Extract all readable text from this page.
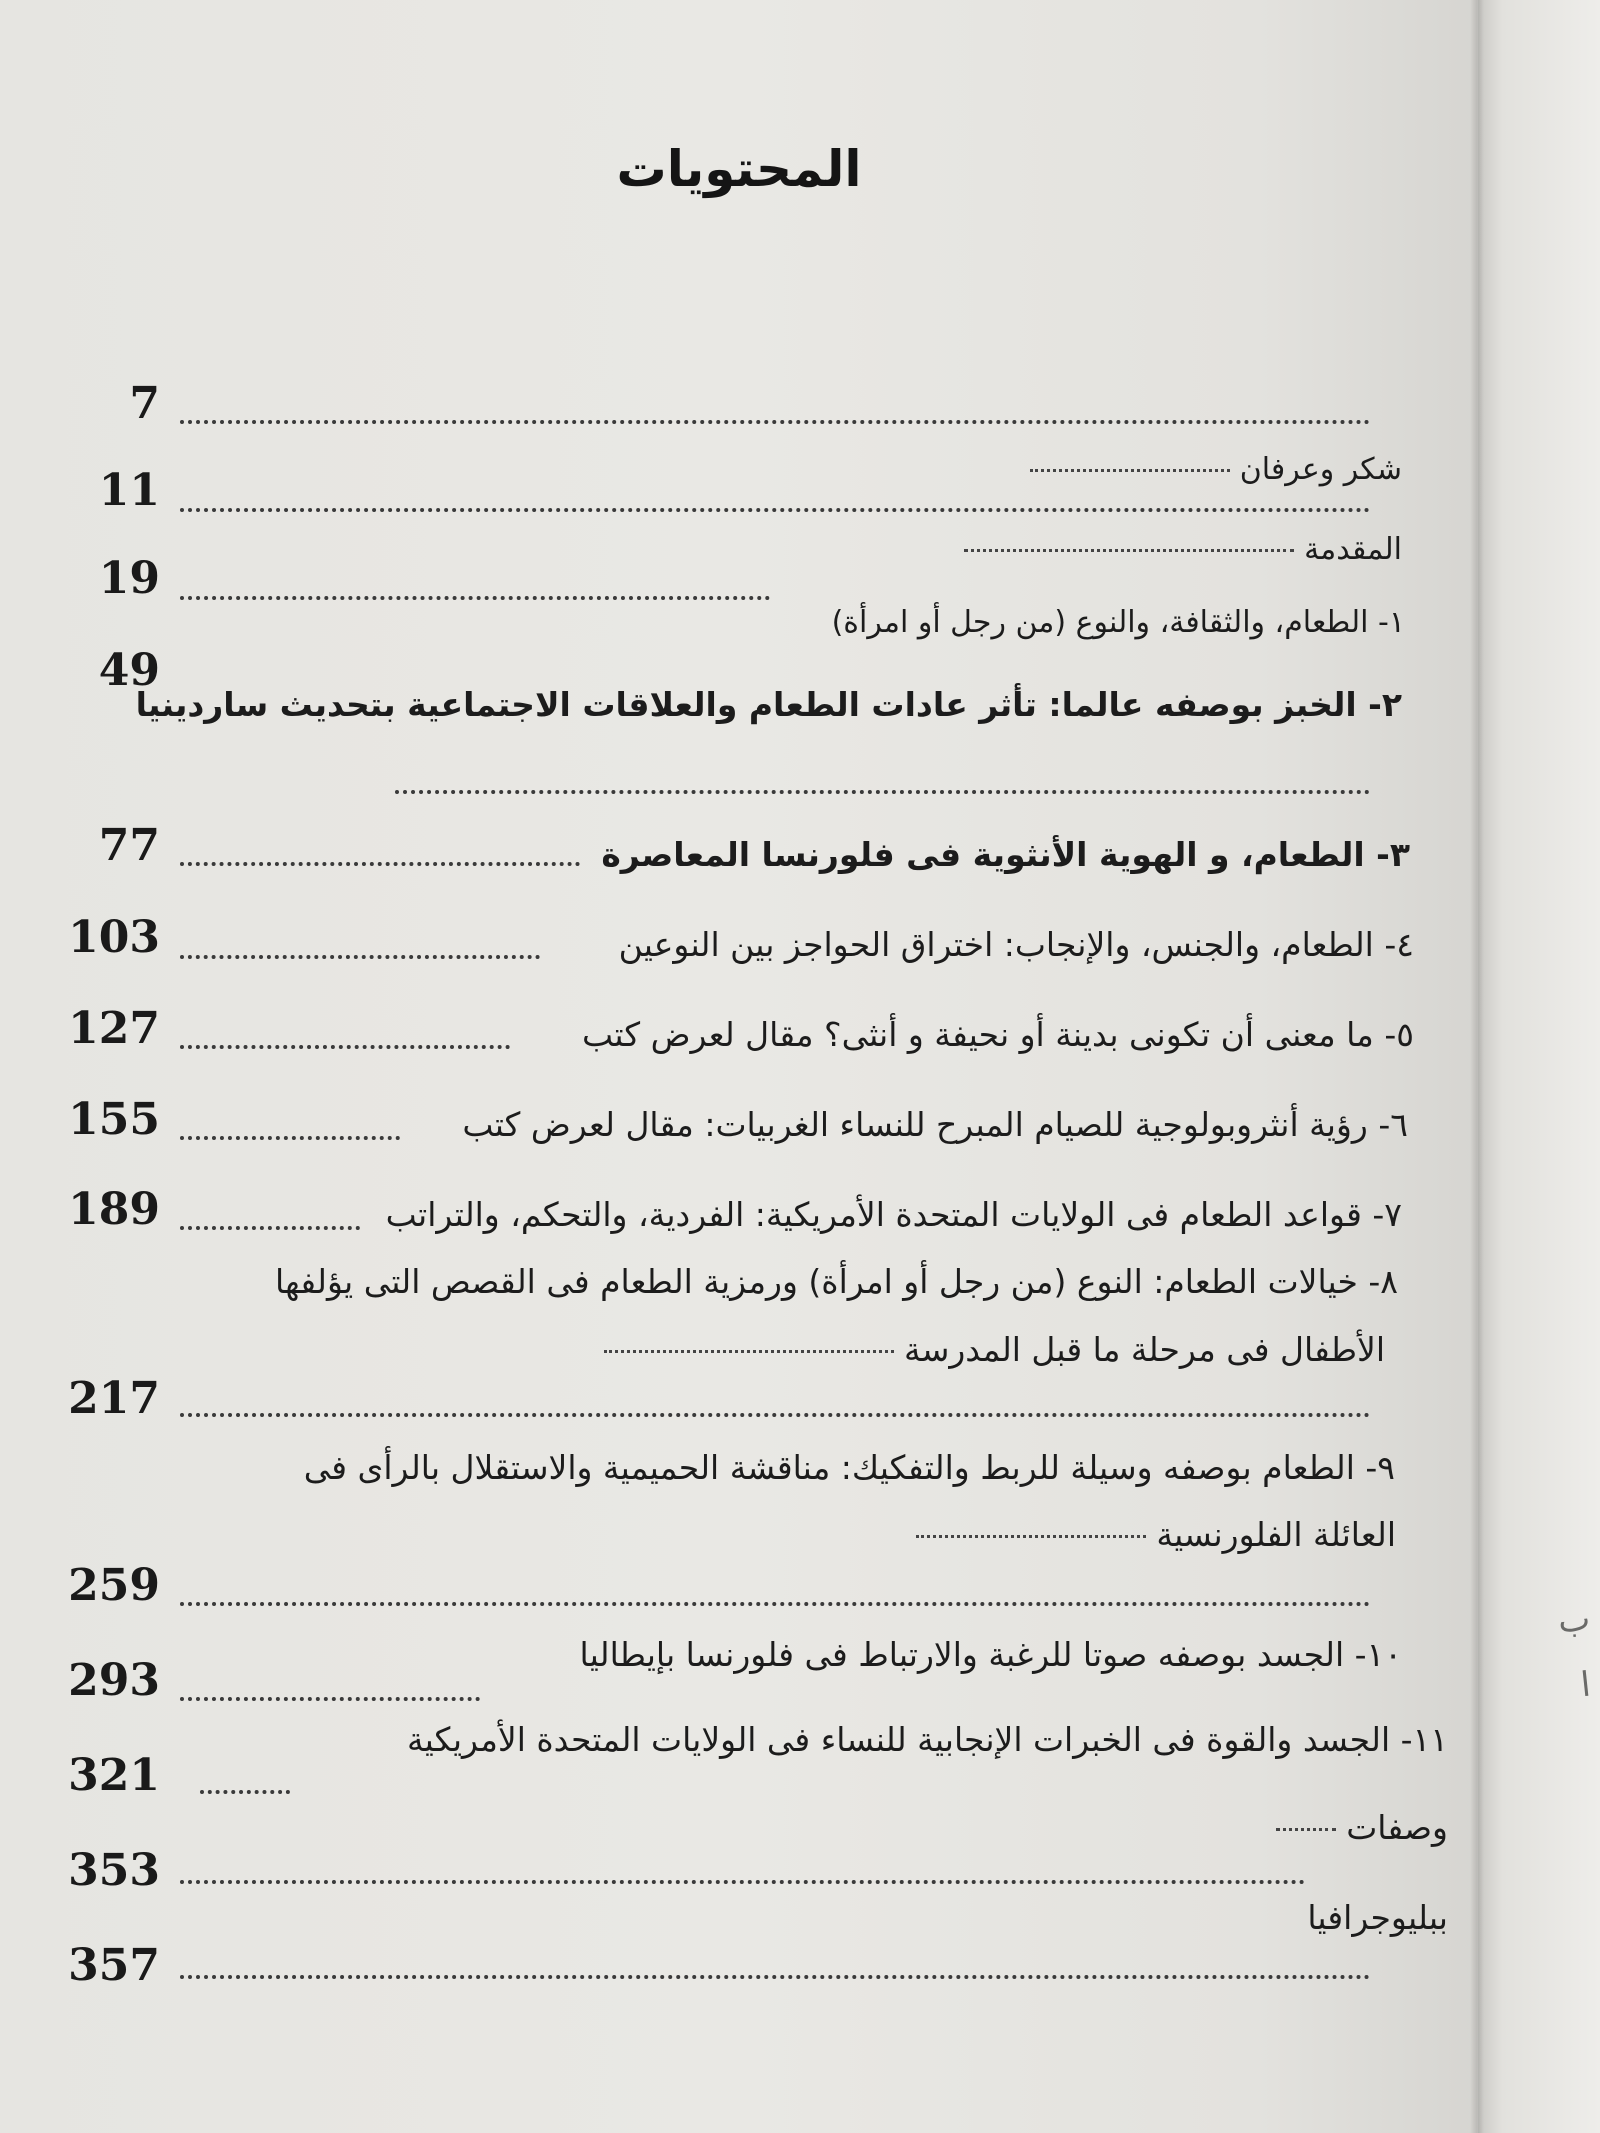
ب
ا
المحتويات
7
11
19
49
77
103
127
155
189
217
259
293
321
353
357
شكر وعرفان
المقدمة
١- الطعام، والثقافة، والنوع (من رجل أو امرأة)
٢- الخبز بوصفه عالما: تأثر عادات الطعام والعلاقات الاجتماعية بتحديث ساردينيا
٣- الطعام، و الهوية الأنثوية فى فلورنسا المعاصرة
٤- الطعام، والجنس، والإنجاب: اختراق الحواجز بين النوعين
٥- ما معنى أن تكونى بدينة أو نحيفة و أنثى؟ مقال لعرض كتب
٦- رؤية أنثروبولوجية للصيام المبرح للنساء الغربيات: مقال لعرض كتب
٧- قواعد الطعام فى الولايات المتحدة الأمريكية: الفردية، والتحكم، والتراتب
٨- خيالات الطعام: النوع (من رجل أو امرأة) ورمزية الطعام فى القصص التى يؤلفها
الأطفال فى مرحلة ما قبل المدرسة
٩- الطعام بوصفه وسيلة للربط والتفكيك: مناقشة الحميمية والاستقلال بالرأى فى
العائلة الفلورنسية
١٠- الجسد بوصفه صوتا للرغبة والارتباط فى فلورنسا بإيطاليا
١١- الجسد والقوة فى الخبرات الإنجابية للنساء فى الولايات المتحدة الأمريكية
وصفات
ببليوجرافيا
